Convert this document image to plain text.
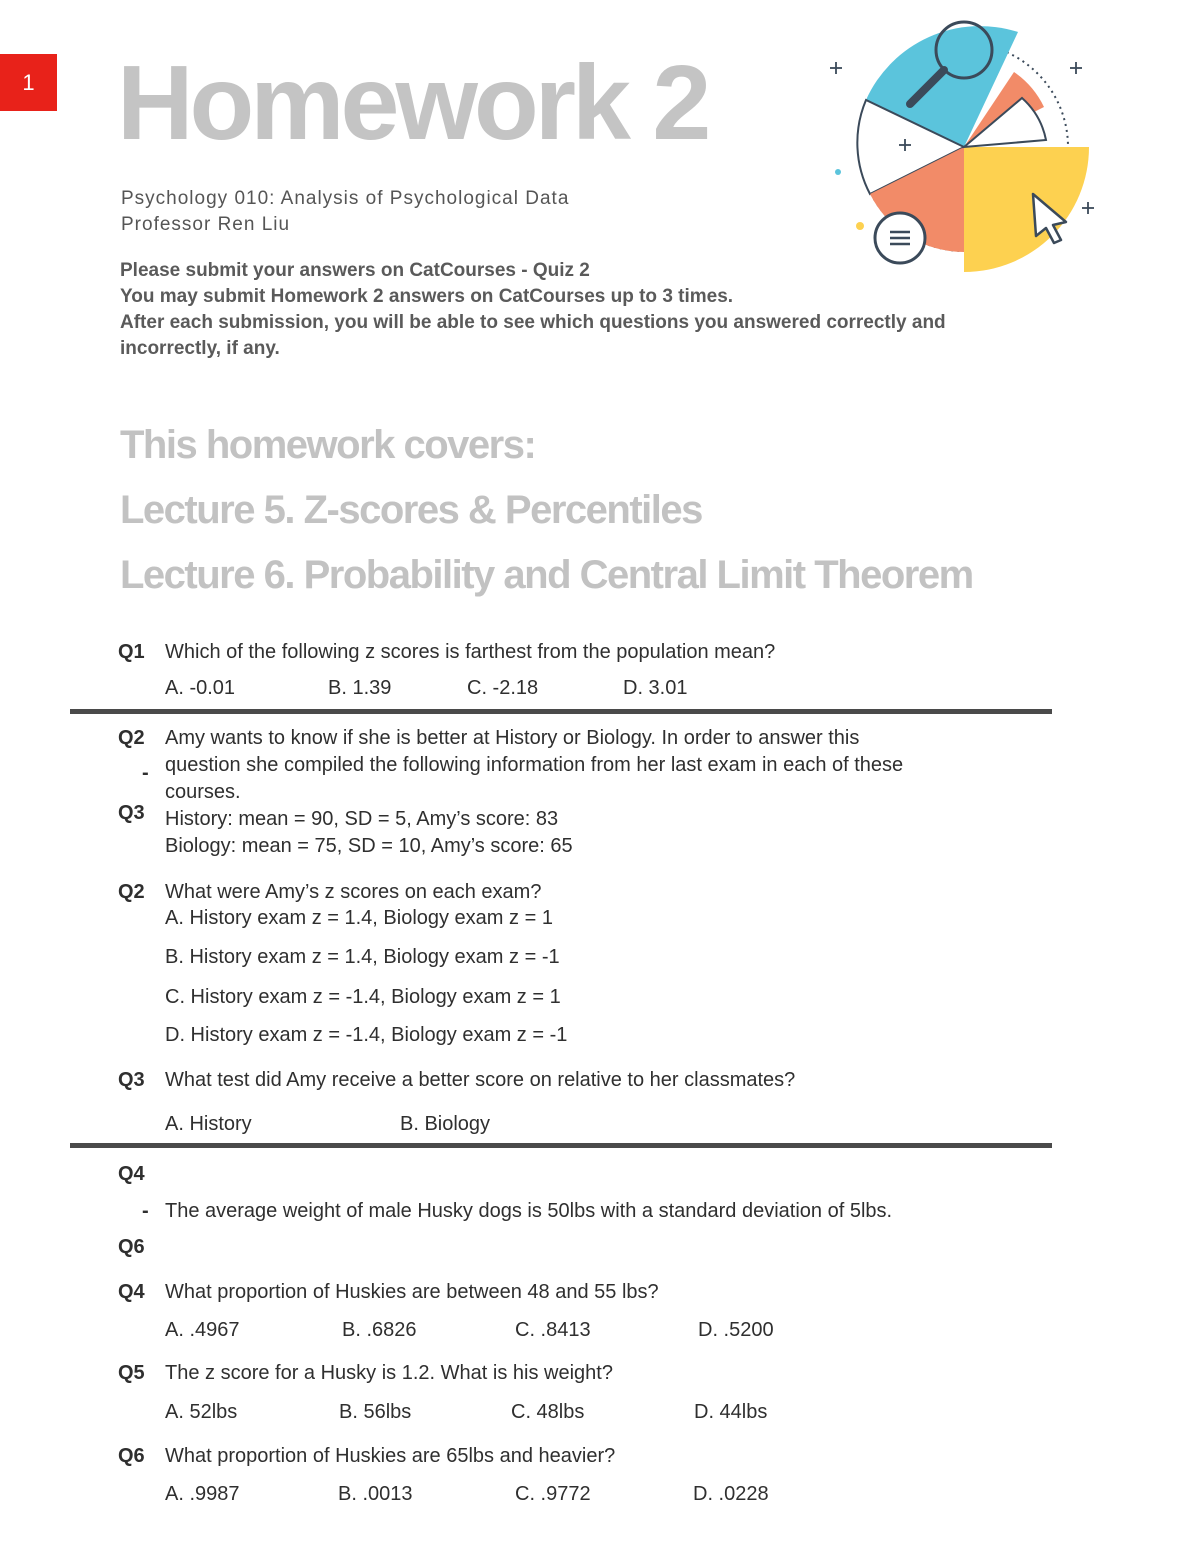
1 Homework 2
Psychology 010: Analysis of Psychological Data
Professor Ren Liu
Please submit your answers on CatCourses - Quiz 2
You may submit Homework 2 answers on CatCourses up to 3 times.
After each submission, you will be able to see which questions you answered correctly and
incorrectly, if any.
This homework covers:
Lecture 5. Z-scores & Percentiles
Lecture 6. Probability and Central Limit Theorem
Q1 Which of the following z scores is farthest from the population mean?
A. -0.01	B. 1.39	C. -2.18	D. 3.01
Q2
-
Q3
Amy wants to know if she is better at History or Biology. In order to answer this
question she compiled the following information from her last exam in each of these
courses.
History: mean = 90, SD = 5, Amy’s score: 83
Biology: mean = 75, SD = 10, Amy’s score: 65
Q2 What were Amy’s z scores on each exam?
A. History exam z = 1.4, Biology exam z = 1
B. History exam z = 1.4, Biology exam z = -1
C. History exam z = -1.4, Biology exam z = 1
D. History exam z = -1.4, Biology exam z = -1
Q3 What test did Amy receive a better score on relative to her classmates?
A. History	B. Biology
Q4
- The average weight of male Husky dogs is 50lbs with a standard deviation of 5lbs.
Q6
Q4 What proportion of Huskies are between 48 and 55 lbs?
A. .4967	B. .6826	C. .8413	D. .5200
Q5 The z score for a Husky is 1.2. What is his weight?
A. 52lbs	B. 56lbs	C. 48lbs	D. 44lbs
Q6 What proportion of Huskies are 65lbs and heavier?
A. .9987	B. .0013	C. .9772	D. .0228
